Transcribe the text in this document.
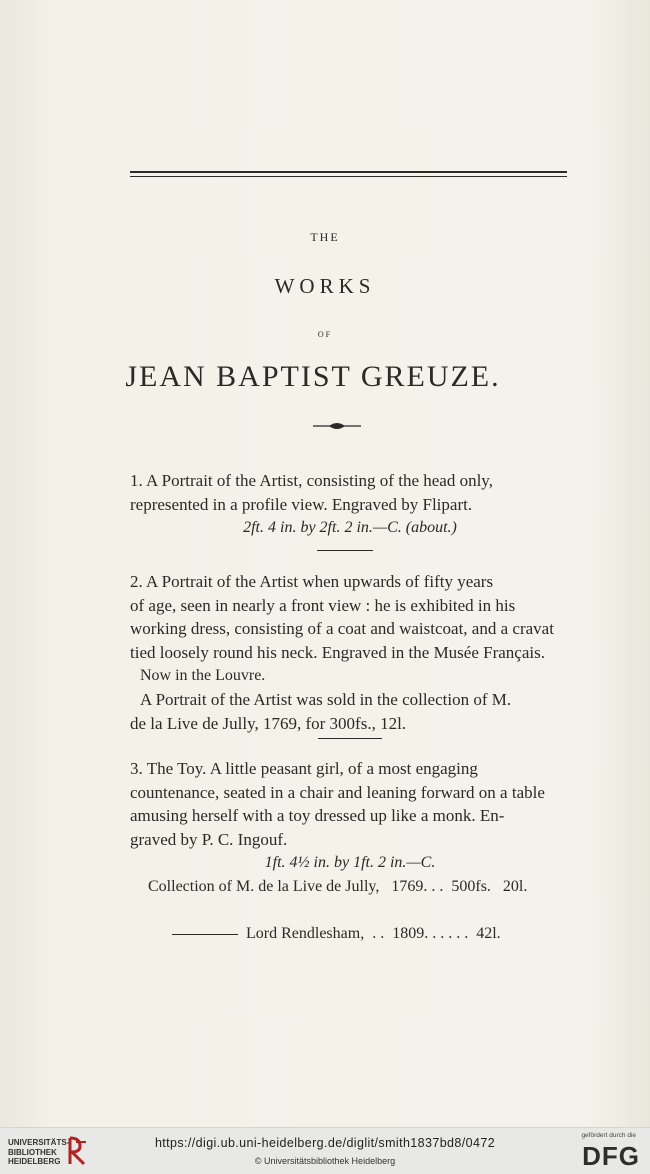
THE
WORKS
OF
JEAN BAPTIST GREUZE.
1. A Portrait of the Artist, consisting of the head only,
represented in a profile view. Engraved by Flipart.
2ft. 4 in. by 2ft. 2 in.—C. (about.)
2. A Portrait of the Artist when upwards of fifty years
of age, seen in nearly a front view : he is exhibited in his
working dress, consisting of a coat and waistcoat, and a cravat
tied loosely round his neck. Engraved in the Musée Français.
Now in the Louvre.
A Portrait of the Artist was sold in the collection of M.
de la Live de Jully, 1769, for 300fs., 12l.
3. The Toy. A little peasant girl, of a most engaging
countenance, seated in a chair and leaning forward on a table
amusing herself with a toy dressed up like a monk. En-
graved by P. C. Ingouf.
1ft. 4½ in. by 1ft. 2 in.—C.
Collection of M. de la Live de Jully,   1769. . .  500fs.   20l.

Lord Rendlesham,  . .  1809. . . . . .  42l.

UNIVERSITÄTS-
BIBLIOTHEK
HEIDELBERG
https://digi.ub.uni-heidelberg.de/diglit/smith1837bd8/0472
© Universitätsbibliothek Heidelberg
gefördert durch die
DFG
